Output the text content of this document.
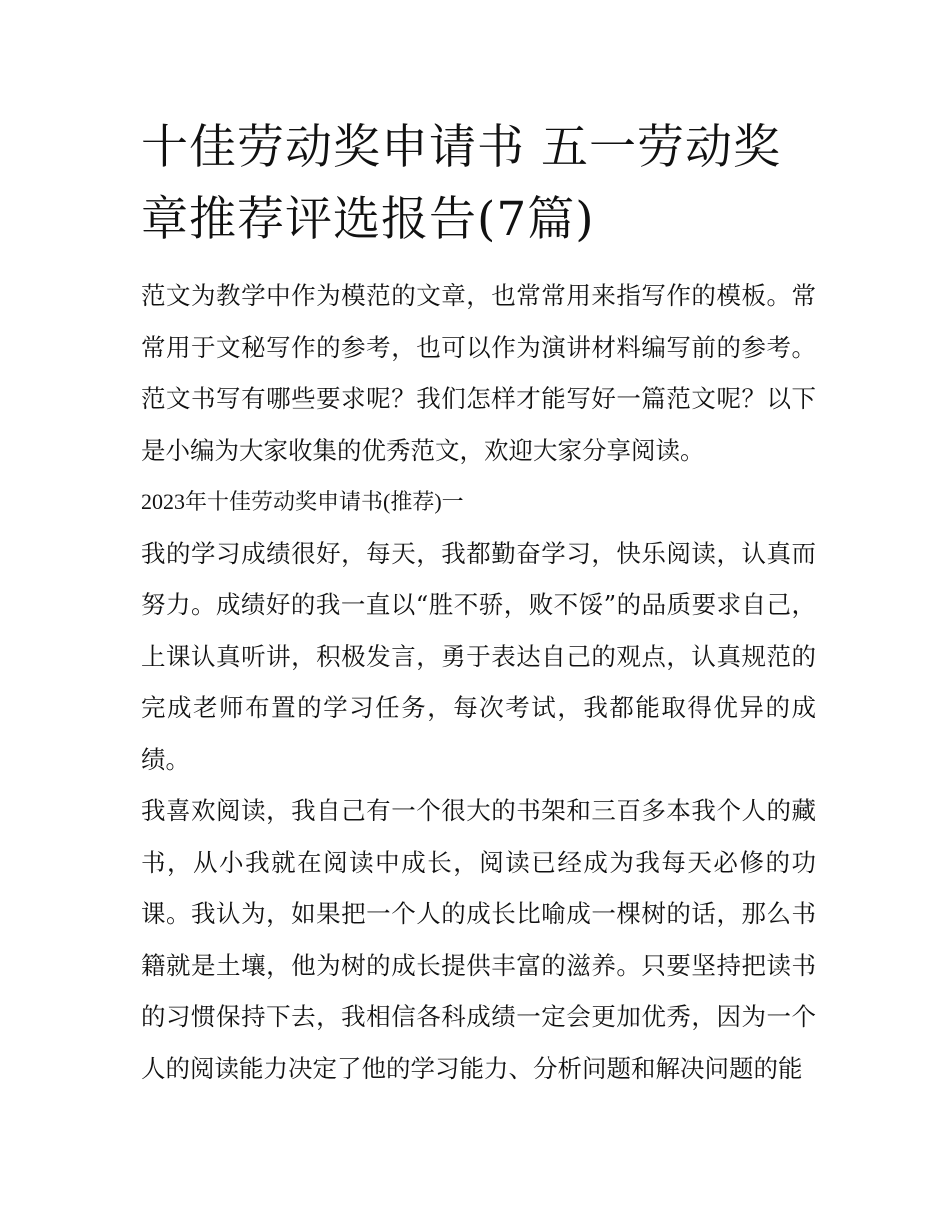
十佳劳动奖申请书 五一劳动奖章推荐评选报告(7篇)

范文为教学中作为模范的文章，也常常用来指写作的模板。常常用于文秘写作的参考，也可以作为演讲材料编写前的参考。范文书写有哪些要求呢？我们怎样才能写好一篇范文呢？以下是小编为大家收集的优秀范文，欢迎大家分享阅读。

2023年十佳劳动奖申请书(推荐)一

我的学习成绩很好，每天，我都勤奋学习，快乐阅读，认真而努力。成绩好的我一直以“胜不骄，败不馁”的品质要求自己，上课认真听讲，积极发言，勇于表达自己的观点，认真规范的完成老师布置的学习任务，每次考试，我都能取得优异的成绩。

我喜欢阅读，我自己有一个很大的书架和三百多本我个人的藏书，从小我就在阅读中成长，阅读已经成为我每天必修的功课。我认为，如果把一个人的成长比喻成一棵树的话，那么书籍就是土壤，他为树的成长提供丰富的滋养。只要坚持把读书的习惯保持下去，我相信各科成绩一定会更加优秀，因为一个人的阅读能力决定了他的学习能力、分析问题和解决问题的能
